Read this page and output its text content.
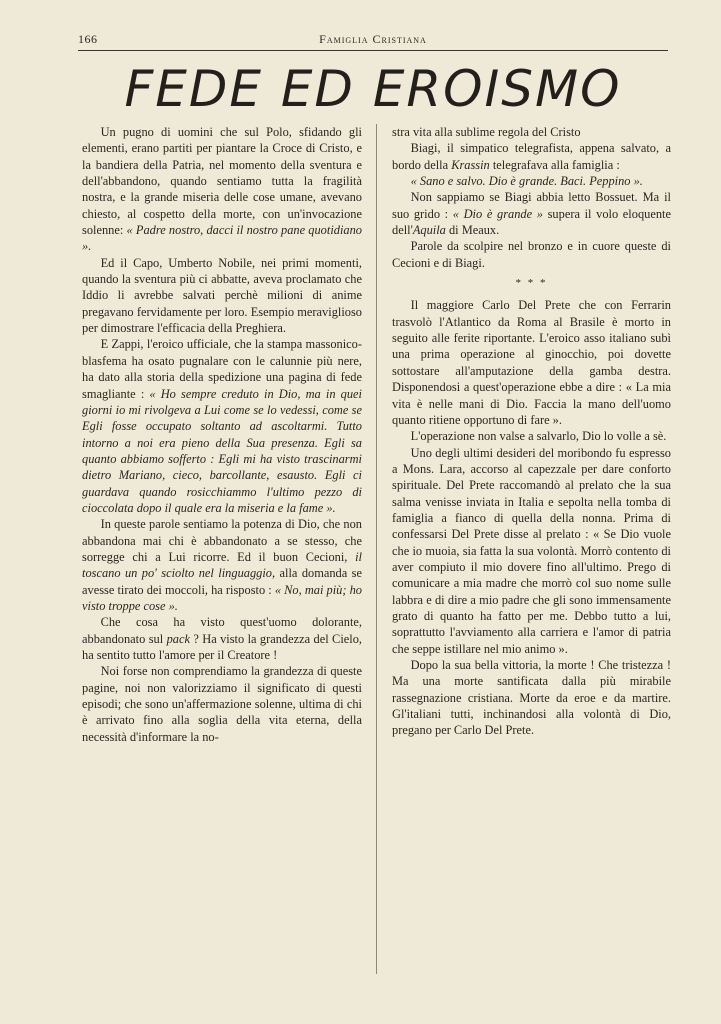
166	Famiglia Cristiana
FEDE ED EROISMO

Un pugno di uomini che sul Polo, sfidando gli elementi, erano partiti per piantare la Croce di Cristo, e la bandiera della Patria, nel momento della sventura e dell'abbandono, quando sentiamo tutta la fragilità nostra, e la grande miseria delle cose umane, avevano chiesto, al cospetto della morte, con un'invocazione solenne: « Padre nostro, dacci il nostro pane quotidiano ».

Ed il Capo, Umberto Nobile, nei primi momenti, quando la sventura più ci abbatte, aveva proclamato che Iddio li avrebbe salvati perchè milioni di anime pregavano fervidamente per loro. Esempio meraviglioso per dimostrare l'efficacia della Preghiera.

E Zappi, l'eroico ufficiale, che la stampa massonico-blasfema ha osato pugnalare con le calunnie più nere, ha dato alla storia della spedizione una pagina di fede smagliante : « Ho sempre creduto in Dio, ma in quei giorni io mi rivolgeva a Lui come se lo vedessi, come se Egli fosse occupato soltanto ad ascoltarmi. Tutto intorno a noi era pieno della Sua presenza. Egli sa quanto abbiamo sofferto : Egli mi ha visto trascinarmi dietro Mariano, cieco, barcollante, esausto. Egli ci guardava quando rosicchiammo l'ultimo pezzo di cioccolata dopo il quale era la miseria e la fame ».

In queste parole sentiamo la potenza di Dio, che non abbandona mai chi è abbandonato a se stesso, che sorregge chi a Lui ricorre. Ed il buon Cecioni, il toscano un po' sciolto nel linguaggio, alla domanda se avesse tirato dei moccoli, ha risposto : « No, mai più; ho visto troppe cose ».

Che cosa ha visto quest'uomo dolorante, abbandonato sul pack ? Ha visto la grandezza del Cielo, ha sentito tutto l'amore per il Creatore !

Noi forse non comprendiamo la grandezza di queste pagine, noi non valorizziamo il significato di questi episodi; che sono un'affermazione solenne, ultima di chi è arrivato fino alla soglia della vita eterna, della necessità d'informare la no-

stra vita alla sublime regola del Cristo

Biagi, il simpatico telegrafista, appena salvato, a bordo della Krassin telegrafava alla famiglia :

« Sano e salvo. Dio è grande. Baci. Peppino ».

Non sappiamo se Biagi abbia letto Bossuet. Ma il suo grido : « Dio è grande » supera il volo eloquente dell'Aquila di Meaux.

Parole da scolpire nel bronzo e in cuore queste di Cecioni e di Biagi.

* * *

Il maggiore Carlo Del Prete che con Ferrarin trasvolò l'Atlantico da Roma al Brasile è morto in seguito alle ferite riportante. L'eroico asso italiano subì una prima operazione al ginocchio, poi dovette sottostare all'amputazione della gamba destra. Disponendosi a quest'operazione ebbe a dire : « La mia vita è nelle mani di Dio. Faccia la mano dell'uomo quanto ritiene opportuno di fare ».

L'operazione non valse a salvarlo, Dio lo volle a sè.

Uno degli ultimi desideri del moribondo fu espresso a Mons. Lara, accorso al capezzale per dare conforto spirituale. Del Prete raccomandò al prelato che la sua salma venisse inviata in Italia e sepolta nella tomba di famiglia a fianco di quella della nonna. Prima di confessarsi Del Prete disse al prelato : « Se Dio vuole che io muoia, sia fatta la sua volontà. Morrò contento di aver compiuto il mio dovere fino all'ultimo. Prego di comunicare a mia madre che morrò col suo nome sulle labbra e di dire a mio padre che gli sono immensamente grato di quanto ha fatto per me. Debbo tutto a lui, soprattutto l'avviamento alla carriera e l'amor di patria che seppe istillare nel mio animo ».

Dopo la sua bella vittoria, la morte ! Che tristezza ! Ma una morte santificata dalla più mirabile rassegnazione cristiana. Morte da eroe e da martire. Gl'italiani tutti, inchinandosi alla volontà di Dio, pregano per Carlo Del Prete.
